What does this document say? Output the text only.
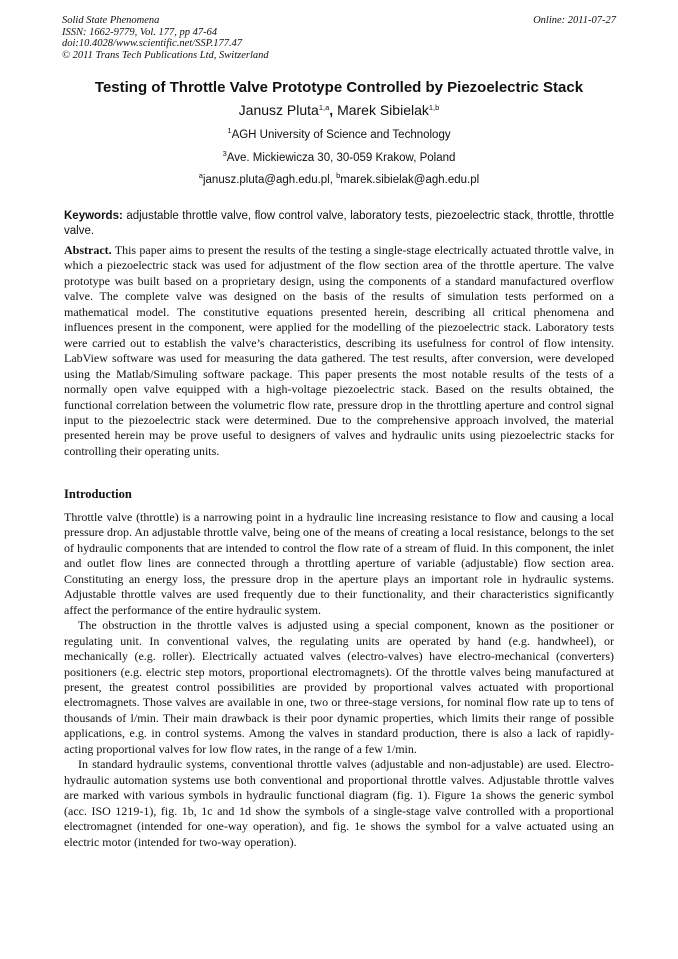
Solid State Phenomena
ISSN: 1662-9779, Vol. 177, pp 47-64
doi:10.4028/www.scientific.net/SSP.177.47
© 2011 Trans Tech Publications Ltd, Switzerland
Online: 2011-07-27
Testing of Throttle Valve Prototype Controlled by Piezoelectric Stack
Janusz Pluta$^{1,a}$, Marek Sibielak$^{1,b}$
$^1$AGH University of Science and Technology
$^3$Ave. Mickiewicza 30, 30-059 Krakow, Poland
$^a$janusz.pluta@agh.edu.pl, $^b$marek.sibielak@agh.edu.pl
Keywords: adjustable throttle valve, flow control valve, laboratory tests, piezoelectric stack, throttle, throttle valve.

Abstract. This paper aims to present the results of the testing a single-stage electrically actuated throttle valve, in which a piezoelectric stack was used for adjustment of the flow section area of the throttle aperture. The valve prototype was built based on a proprietary design, using the components of a standard manufactured overflow valve. The complete valve was designed on the basis of the results of simulation tests performed on a mathematical model. The constitutive equations presented herein, describing all critical phenomena and influences present in the component, were applied for the modelling of the piezoelectric stack. Laboratory tests were carried out to establish the valve’s characteristics, describing its usefulness for control of flow intensity. LabView software was used for measuring the data gathered. The test results, after conversion, were developed using the Matlab/Simuling software package. This paper presents the most notable results of the tests of a normally open valve equipped with a high-voltage piezoelectric stack. Based on the results obtained, the functional correlation between the volumetric flow rate, pressure drop in the throttling aperture and control signal input to the piezoelectric stack were determined. Due to the comprehensive approach involved, the material presented herein may be prove useful to designers of valves and hydraulic units using piezoelectric stacks for controlling their operating units.

Introduction

Throttle valve (throttle) is a narrowing point in a hydraulic line increasing resistance to flow and causing a local pressure drop. An adjustable throttle valve, being one of the means of creating a local resistance, belongs to the set of hydraulic components that are intended to control the flow rate of a stream of fluid. In this component, the inlet and outlet flow lines are connected through a throttling aperture of variable (adjustable) flow section area. Constituting an energy loss, the pressure drop in the aperture plays an important role in hydraulic systems. Adjustable throttle valves are used frequently due to their functionality, and their characteristics significantly affect the performance of the entire hydraulic system.

The obstruction in the throttle valves is adjusted using a special component, known as the positioner or regulating unit. In conventional valves, the regulating units are operated by hand (e.g. handwheel), or mechanically (e.g. roller). Electrically actuated valves (electro-valves) have electro-mechanical (converters) positioners (e.g. electric step motors, proportional electromagnets). Of the throttle valves being manufactured at present, the greatest control possibilities are provided by proportional valves actuated with proportional electromagnets. Those valves are available in one, two or three-stage versions, for nominal flow rate up to tens of thousands of l/min. Their main drawback is their poor dynamic properties, which limits their range of possible applications, e.g. in control systems. Among the valves in standard production, there is also a lack of rapidly-acting proportional valves for low flow rates, in the range of a few 1/min.

In standard hydraulic systems, conventional throttle valves (adjustable and non-adjustable) are used. Electro-hydraulic automation systems use both conventional and proportional throttle valves. Adjustable throttle valves are marked with various symbols in hydraulic functional diagram (fig. 1). Figure 1a shows the generic symbol (acc. ISO 1219-1), fig. 1b, 1c and 1d show the symbols of a single-stage valve controlled with a proportional electromagnet (intended for one-way operation), and fig. 1e shows the symbol for a valve actuated using an electric motor (intended for two-way operation).
